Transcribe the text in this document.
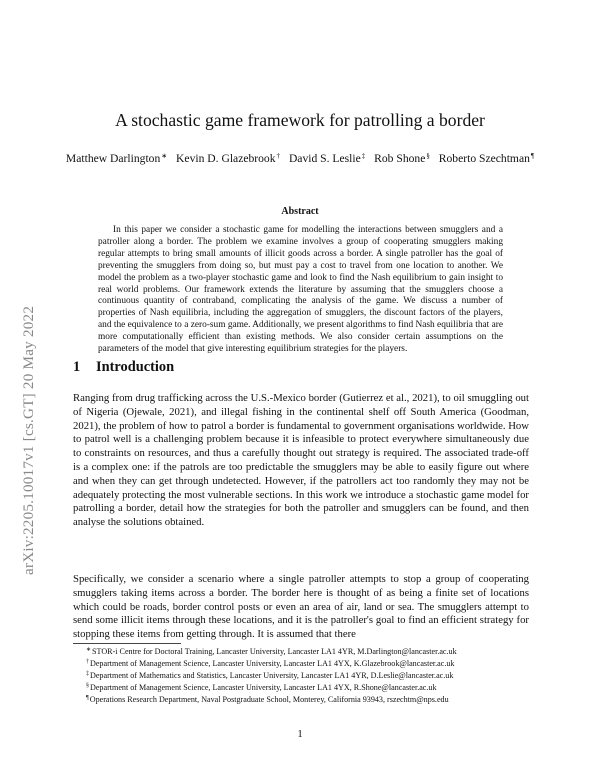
arXiv:2205.10017v1 [cs.GT] 20 May 2022
A stochastic game framework for patrolling a border
Matthew Darlington∗ Kevin D. Glazebrook† David S. Leslie‡ Rob Shone§ Roberto Szechtman¶
Abstract

In this paper we consider a stochastic game for modelling the interactions between smugglers and a patroller along a border. The problem we examine involves a group of cooperating smugglers making regular attempts to bring small amounts of illicit goods across a border. A single patroller has the goal of preventing the smugglers from doing so, but must pay a cost to travel from one location to another. We model the problem as a two-player stochastic game and look to find the Nash equilibrium to gain insight to real world problems. Our framework extends the literature by assuming that the smugglers choose a continuous quantity of contraband, complicating the analysis of the game. We discuss a number of properties of Nash equilibria, including the aggregation of smugglers, the discount factors of the players, and the equivalence to a zero-sum game. Additionally, we present algorithms to find Nash equilibria that are more computationally efficient than existing methods. We also consider certain assumptions on the parameters of the model that give interesting equilibrium strategies for the players.

1 Introduction

Ranging from drug trafficking across the U.S.-Mexico border (Gutierrez et al., 2021), to oil smuggling out of Nigeria (Ojewale, 2021), and illegal fishing in the continental shelf off South America (Goodman, 2021), the problem of how to patrol a border is fundamental to government organisations worldwide. How to patrol well is a challenging problem because it is infeasible to protect everywhere simultaneously due to constraints on resources, and thus a carefully thought out strategy is required. The associated trade-off is a complex one: if the patrols are too predictable the smugglers may be able to easily figure out where and when they can get through undetected. However, if the patrollers act too randomly they may not be adequately protecting the most vulnerable sections. In this work we introduce a stochastic game model for patrolling a border, detail how the strategies for both the patroller and smugglers can be found, and then analyse the solutions obtained.

Specifically, we consider a scenario where a single patroller attempts to stop a group of cooperating smugglers taking items across a border. The border here is thought of as being a finite set of locations which could be roads, border control posts or even an area of air, land or sea. The smugglers attempt to send some illicit items through these locations, and it is the patroller's goal to find an efficient strategy for stopping these items from getting through. It is assumed that there

∗STOR-i Centre for Doctoral Training, Lancaster University, Lancaster LA1 4YR, M.Darlington@lancaster.ac.uk
†Department of Management Science, Lancaster University, Lancaster LA1 4YX, K.Glazebrook@lancaster.ac.uk
‡Department of Mathematics and Statistics, Lancaster University, Lancaster LA1 4YR, D.Leslie@lancaster.ac.uk
§Department of Management Science, Lancaster University, Lancaster LA1 4YX, R.Shone@lancaster.ac.uk
¶Operations Research Department, Naval Postgraduate School, Monterey, California 93943, rszechtm@nps.edu
1
